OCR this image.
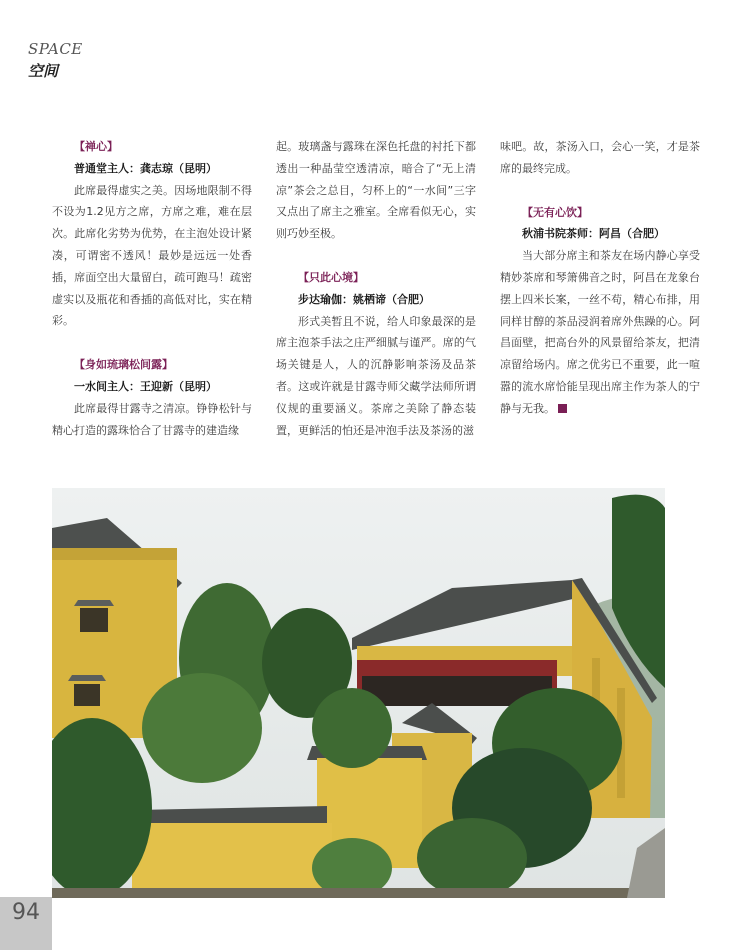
SPACE
空间

【禅心】

普通堂主人：龚志琼（昆明）

此席最得虚实之美。因场地限制不得不设为1.2见方之席，方席之难，难在层次。此席化劣势为优势，在主泡处设计紧凑，可谓密不透风！最妙是远远一处香插，席面空出大量留白，疏可跑马！疏密虚实以及瓶花和香插的高低对比，实在精彩。

【身如琉璃松间露】

一水间主人：王迎新（昆明）

此席最得甘露寺之清凉。铮铮松针与精心打造的露珠恰合了甘露寺的建造缘

起。玻璃盏与露珠在深色托盘的衬托下都透出一种晶莹空透清凉，暗合了“无上清凉”茶会之总目，匀杯上的“一水间”三字又点出了席主之雅室。全席看似无心，实则巧妙至极。

【只此心境】

步达瑜伽：姚栖谛（合肥）

形式美暂且不说，给人印象最深的是席主泡茶手法之庄严细腻与谨严。席的气场关键是人，人的沉静影响茶汤及品茶者。这或许就是甘露寺师父藏学法师所谓仪规的重要涵义。茶席之美除了静态装置，更鲜活的怕还是冲泡手法及茶汤的滋

味吧。故，茶汤入口，会心一笑，才是茶席的最终完成。

【无有心饮】

秋浦书院茶师：阿昌（合肥）

当大部分席主和茶友在场内静心享受精妙茶席和琴箫佛音之时，阿昌在龙象台摆上四米长案，一丝不苟，精心布排，用同样甘醇的茶品浸润着席外焦躁的心。阿昌面壁，把高台外的风景留给茶友，把清凉留给场内。席之优劣已不重要，此一喧嚣的流水席恰能呈现出席主作为茶人的宁静与无我。

94
